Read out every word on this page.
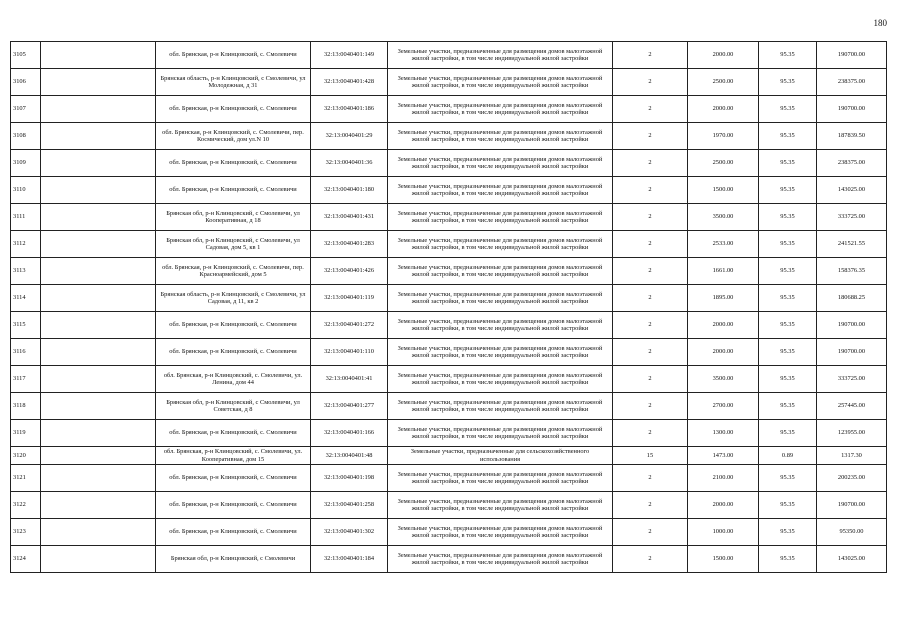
180
3105		обл. Брянская, р-н Клинцовский, с. Смолевичи	32:13:0040401:149	Земельные участки, предназначенные для размещения домов малоэтажной жилой застройки, в том числе индивидуальной жилой застройки	2	2000.00	95.35	190700.00
3106		Брянская область, р-н Клинцовский, с Смолевичи, ул Молодежная, д 31	32:13:0040401:428	Земельные участки, предназначенные для размещения домов малоэтажной жилой застройки, в том числе индивидуальной жилой застройки	2	2500.00	95.35	238375.00
3107		обл. Брянская, р-н Клинцовский, с. Смолевичи	32:13:0040401:186	Земельные участки, предназначенные для размещения домов малоэтажной жилой застройки, в том числе индивидуальной жилой застройки	2	2000.00	95.35	190700.00
3108		обл. Брянская, р-н Клинцовский, с. Смолевичи, пер. Космический, дом ул.N 10	32:13:0040401:29	Земельные участки, предназначенные для размещения домов малоэтажной жилой застройки, в том числе индивидуальной жилой застройки	2	1970.00	95.35	187839.50
3109		обл. Брянская, р-н Клинцовский, с. Смолевичи	32:13:0040401:36	Земельные участки, предназначенные для размещения домов малоэтажной жилой застройки, в том числе индивидуальной жилой застройки	2	2500.00	95.35	238375.00
3110		обл. Брянская, р-н Клинцовский, с. Смолевичи	32:13:0040401:180	Земельные участки, предназначенные для размещения домов малоэтажной жилой застройки, в том числе индивидуальной жилой застройки	2	1500.00	95.35	143025.00
3111		Брянская обл, р-н Клинцовский, с Смолевичи, ул Кооперативная, д 18	32:13:0040401:431	Земельные участки, предназначенные для размещения домов малоэтажной жилой застройки, в том числе индивидуальной жилой застройки	2	3500.00	95.35	333725.00
3112		Брянская обл, р-н Клинцовский, с Смолевичи, ул Садовая, дом 5, кв 1	32:13:0040401:283	Земельные участки, предназначенные для размещения домов малоэтажной жилой застройки, в том числе индивидуальной жилой застройки	2	2533.00	95.35	241521.55
3113		обл. Брянская, р-н Клинцовский, с. Смолевичи, пер. Красноармейский, дом 5	32:13:0040401:426	Земельные участки, предназначенные для размещения домов малоэтажной жилой застройки, в том числе индивидуальной жилой застройки	2	1661.00	95.35	158376.35
3114		Брянская область, р-н Клинцовский, с Смолевичи, ул Садовая, д 11, кв 2	32:13:0040401:119	Земельные участки, предназначенные для размещения домов малоэтажной жилой застройки, в том числе индивидуальной жилой застройки	2	1895.00	95.35	180688.25
3115		обл. Брянская, р-н Клинцовский, с. Смолевичи	32:13:0040401:272	Земельные участки, предназначенные для размещения домов малоэтажной жилой застройки, в том числе индивидуальной жилой застройки	2	2000.00	95.35	190700.00
3116		обл. Брянская, р-н Клинцовский, с. Смолевичи	32:13:0040401:110	Земельные участки, предназначенные для размещения домов малоэтажной жилой застройки, в том числе индивидуальной жилой застройки	2	2000.00	95.35	190700.00
3117		обл. Брянская, р-н Клинцовский, с. Смолевичи, ул. Ленина, дом 44	32:13:0040401:41	Земельные участки, предназначенные для размещения домов малоэтажной жилой застройки, в том числе индивидуальной жилой застройки	2	3500.00	95.35	333725.00
3118		Брянская обл, р-н Клинцовский, с Смолевичи, ул Советская, д 8	32:13:0040401:277	Земельные участки, предназначенные для размещения домов малоэтажной жилой застройки, в том числе индивидуальной жилой застройки	2	2700.00	95.35	257445.00
3119		обл. Брянская, р-н Клинцовский, с. Смолевичи	32:13:0040401:166	Земельные участки, предназначенные для размещения домов малоэтажной жилой застройки, в том числе индивидуальной жилой застройки	2	1300.00	95.35	123955.00
3120		обл. Брянская, р-н Клинцовский, с. Смолевичи, ул. Кооперативная, дом 15	32:13:0040401:48	Земельные участки, предназначенные для сельскохозяйственного использования	15	1473.00	0.89	1317.30
3121		обл. Брянская, р-н Клинцовский, с. Смолевичи	32:13:0040401:198	Земельные участки, предназначенные для размещения домов малоэтажной жилой застройки, в том числе индивидуальной жилой застройки	2	2100.00	95.35	200235.00
3122		обл. Брянская, р-н Клинцовский, с. Смолевичи	32:13:0040401:258	Земельные участки, предназначенные для размещения домов малоэтажной жилой застройки, в том числе индивидуальной жилой застройки	2	2000.00	95.35	190700.00
3123		обл. Брянская, р-н Клинцовский, с. Смолевичи	32:13:0040401:302	Земельные участки, предназначенные для размещения домов малоэтажной жилой застройки, в том числе индивидуальной жилой застройки	2	1000.00	95.35	95350.00
3124		Брянская обл, р-н Клинцовский, с Смолевичи	32:13:0040401:184	Земельные участки, предназначенные для размещения домов малоэтажной жилой застройки, в том числе индивидуальной жилой застройки	2	1500.00	95.35	143025.00
